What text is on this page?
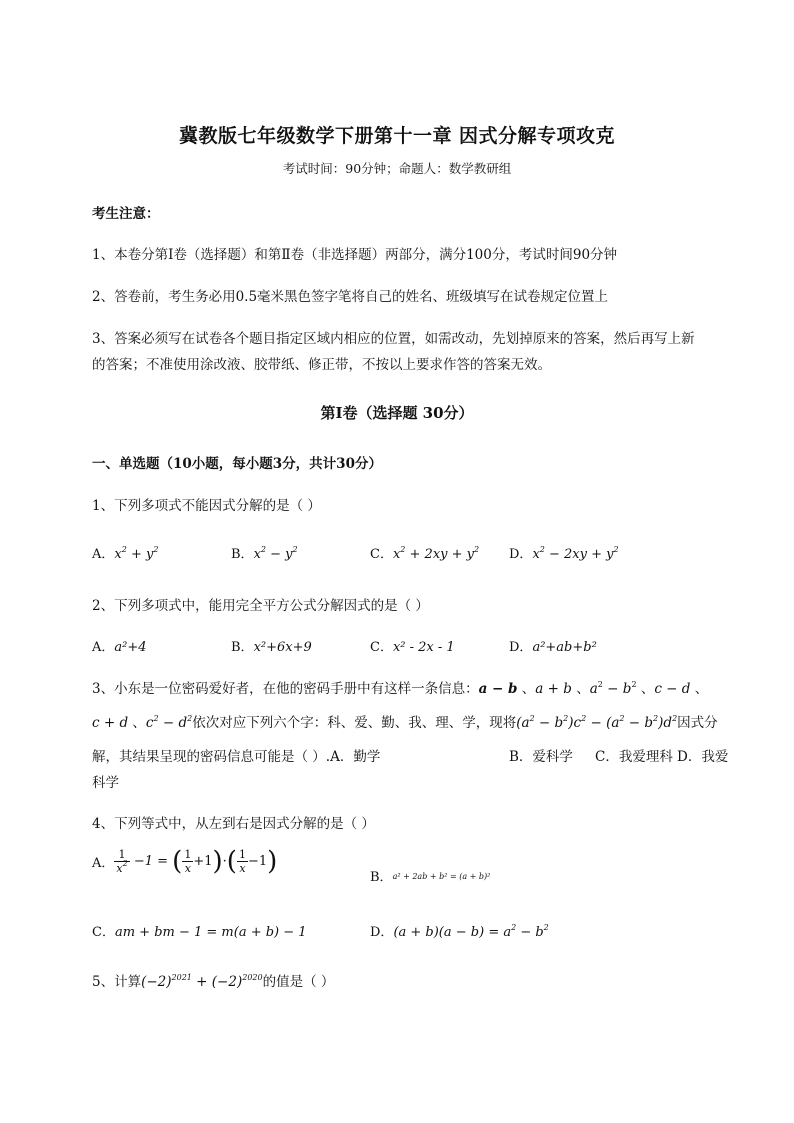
冀教版七年级数学下册第十一章 因式分解专项攻克
考试时间：90分钟；命题人：数学教研组
考生注意：
1、本卷分第I卷（选择题）和第Ⅱ卷（非选择题）两部分，满分100分，考试时间90分钟
2、答卷前，考生务必用0.5毫米黑色签字笔将自己的姓名、班级填写在试卷规定位置上
3、答案必须写在试卷各个题目指定区域内相应的位置，如需改动，先划掉原来的答案，然后再写上新
的答案；不准使用涂改液、胶带纸、修正带，不按以上要求作答的答案无效。
第I卷（选择题 30分）
一、单选题（10小题，每小题3分，共计30分）
1、下列多项式不能因式分解的是（ ）
A．$x^2 + y^2$	B．$x^2 - y^2$	C．$x^2 + 2xy + y^2$ D．$x^2 - 2xy + y^2$
2、下列多项式中，能用完全平方公式分解因式的是（ ）
A．a²+4	B．x²+6x+9	C．x² - 2x - 1	D．a²+ab+b²
3、小东是一位密码爱好者，在他的密码手册中有这样一条信息：a − b 、a + b 、$a^2 - b^2$ 、c − d 、
c + d 、$c^2 - d^2$依次对应下列六个字：科、爱、勤、我、理、学，现将$(a^2 - b^2)c^2 - (a^2 - b^2)d^2$因式分
解，其结果呈现的密码信息可能是（ ）.A．勤学	B．爱科学 C．我爱理科 D．我爱
科学
4、下列等式中，从左到右是因式分解的是（ ）
A． $\frac{1}{x^2} -1$ = ( $\frac{1}{x} +1)\cdot( \frac{1}{x} -1)$
B．a² + 2ab + b² = (a + b)²
C．am + bm − 1 = m(a + b) − 1	D．$(a + b)(a - b) = a^2 - b^2$
5、计算$(-2)^{2021} + (-2)^{2020}$的值是（ ）
